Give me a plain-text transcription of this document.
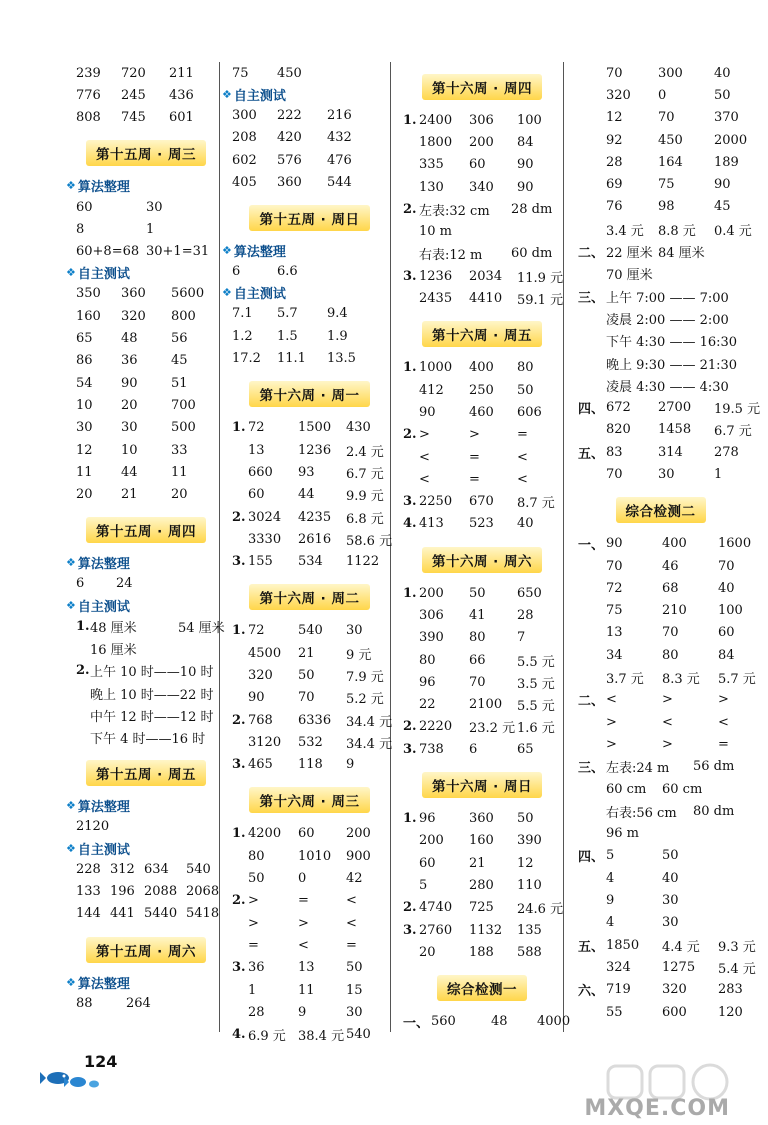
239	720	211
776	245	436
808	745	601
第十五周 · 周三
❖ 算法整理
60	30
8	1
60+8=68 30+1=31
❖ 自主测试
350	360	5600
160	320	800
65	48	56
86	36	45
54	90	51
10	20	700
30	30	500
12	10	33
11	44	11
20	21	20
第十五周 · 周四
❖ 算法整理
6	24
❖ 自主测试
1. 48 厘米	54 厘米
16 厘米
2. 上午 10 时——10 时
晚上 10 时——22 时
中午 12 时——12 时
下午 4 时——16 时
第十五周 · 周五
❖ 算法整理
2120
❖ 自主测试
228 312 634	540
133 196 2088 2068
144 441 5440 5418
第十五周 · 周六
❖ 算法整理
88	264
75	450
❖ 自主测试
300	222	216
208	420	432
602	576	476
405	360	544
第十五周 · 周日
❖ 算法整理
6	6.6
❖ 自主测试
7.1	5.7	9.4
1.2	1.5	1.9
17.2	11.1	13.5
第十六周 · 周一
1. 72	1500	430
13	1236	2.4 元
660	93	6.7 元
60	44	9.9 元
2. 3024	4235	6.8 元
3330	2616	58.6 元
3. 155	534	1122
第十六周 · 周二
1. 72	540	30
4500	21	9 元
320	50	7.9 元
90	70	5.2 元
2. 768	6336	34.4 元
3120	532	34.4 元
3. 465	118	9
第十六周 · 周三
1. 4200	60	200
80	1010	900
50	0	42
2. >	=	<
>	>	<
=	<	=
3. 36	13	50
1	11	15
28	9	30
4. 6.9 元 38.4 元 540
第十六周 · 周四
1. 2400	306	100
1800	200	84
335	60	90
130	340	90
2. 左表:32 cm	28 dm
10 m
右表:12 m	60 dm
3. 1236	2034	11.9 元
2435	4410	59.1 元
第十六周 · 周五
1. 1000	400	80
412	250	50
90	460	606
2. >	>	=
<	=	<
<	=	<
3. 2250	670	8.7 元
4. 413	523	40
第十六周 · 周六
1. 200	50	650
306	41	28
390	80	7
80	66	5.5 元
96	70	3.5 元
22	2100	5.5 元
2. 2220	23.2 元 1.6 元
3. 738	6	65
第十六周 · 周日
1. 96	360	50
200	160	390
60	21	12
5	280	110
2. 4740	725	24.6 元
3. 2760	1132	135
20	188	588
综合检测一
一、 560	48	4000
70	300	40
320	0	50
12	70	370
92	450	2000
28	164	189
69	75	90
76	98	45
3.4 元	8.8 元	0.4 元
二、 22 厘米 84 厘米
70 厘米
三、 上午 7:00 —— 7:00
凌晨 2:00 —— 2:00
下午 4:30 —— 16:30
晚上 9:30 —— 21:30
凌晨 4:30 —— 4:30
四、 672	2700	19.5 元
820	1458	6.7 元
五、 83	314	278
70	30	1
综合检测二
一、 90	400	1600
70	46	70
72	68	40
75	210	100
13	70	60
34	80	84
3.7 元	8.3 元	5.7 元
二、 <	>	>
>	<	<
>	>	=
三、 左表:24 m	56 dm
60 cm	60 cm
右表:56 cm	80 dm
96 m
四、 5	50
4	40
9	30
4	30
五、 1850	4.4 元	9.3 元
324	1275	5.4 元
六、 719	320	283
55	600	120
124
MXQE.COM
